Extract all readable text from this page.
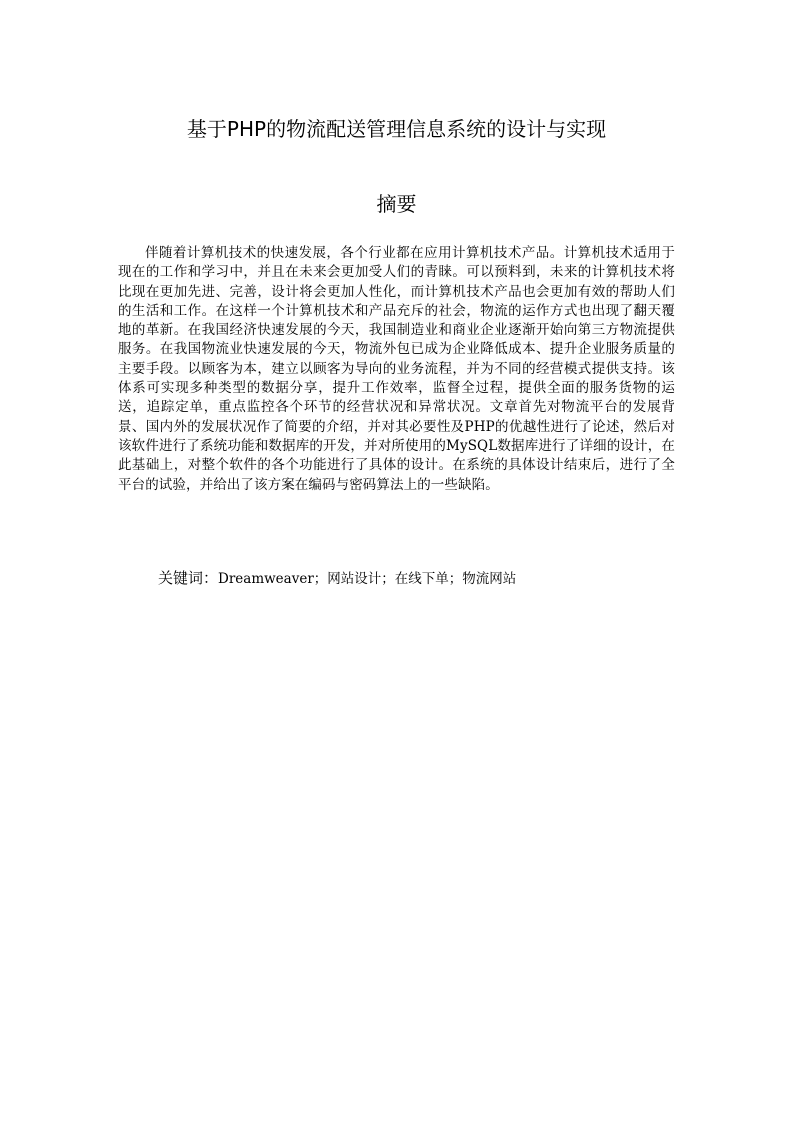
基于PHP的物流配送管理信息系统的设计与实现
摘要

伴随着计算机技术的快速发展，各个行业都在应用计算机技术产品。计算机技术适用于现在的工作和学习中，并且在未来会更加受人们的青睐。可以预料到，未来的计算机技术将比现在更加先进、完善，设计将会更加人性化，而计算机技术产品也会更加有效的帮助人们的生活和工作。在这样一个计算机技术和产品充斥的社会，物流的运作方式也出现了翻天覆地的革新。在我国经济快速发展的今天，我国制造业和商业企业逐渐开始向第三方物流提供服务。在我国物流业快速发展的今天，物流外包已成为企业降低成本、提升企业服务质量的主要手段。以顾客为本，建立以顾客为导向的业务流程，并为不同的经营模式提供支持。该体系可实现多种类型的数据分享，提升工作效率，监督全过程，提供全面的服务货物的运送，追踪定单，重点监控各个环节的经营状况和异常状况。文章首先对物流平台的发展背景、国内外的发展状况作了简要的介绍，并对其必要性及PHP的优越性进行了论述，然后对该软件进行了系统功能和数据库的开发，并对所使用的MySQL数据库进行了详细的设计，在此基础上，对整个软件的各个功能进行了具体的设计。在系统的具体设计结束后，进行了全平台的试验，并给出了该方案在编码与密码算法上的一些缺陷。

关键词：Dreamweaver；网站设计；在线下单；物流网站
